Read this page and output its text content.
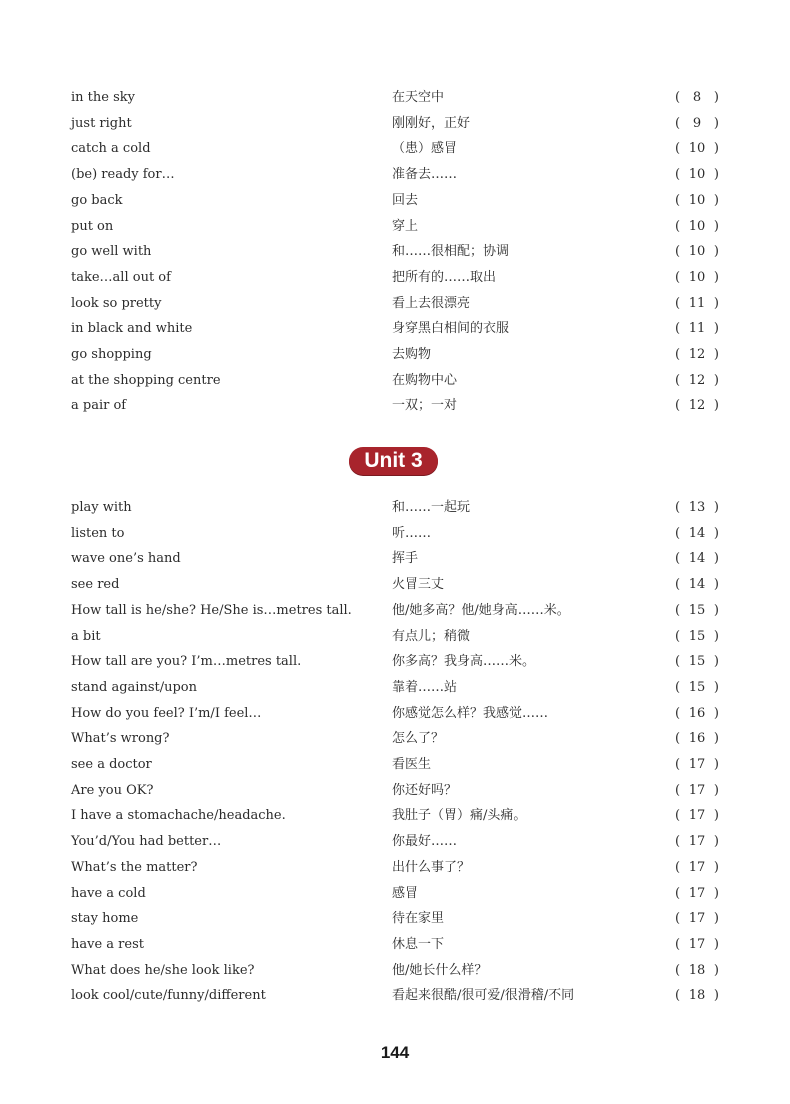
in the sky	在天空中	( 8 )
just right	刚刚好，正好	( 9 )
catch a cold	（患）感冒	( 10 )
(be) ready for…	准备去……	( 10 )
go back	回去	( 10 )
put on	穿上	( 10 )
go well with	和……很相配；协调	( 10 )
take…all out of	把所有的……取出	( 10 )
look so pretty	看上去很漂亮	( 11 )
in black and white	身穿黑白相间的衣服	( 11 )
go shopping	去购物	( 12 )
at the shopping centre	在购物中心	( 12 )
a pair of	一双；一对	( 12 )
Unit 3
play with	和……一起玩	( 13 )
listen to	听……	( 14 )
wave one’s hand	挥手	( 14 )
see red	火冒三丈	( 14 )
How tall is he/she? He/She is…metres tall.	他/她多高？他/她身高……米。	( 15 )
a bit	有点儿；稍微	( 15 )
How tall are you? I’m…metres tall.	你多高？我身高……米。	( 15 )
stand against/upon	靠着……站	( 15 )
How do you feel? I’m/I feel…	你感觉怎么样？我感觉……	( 16 )
What’s wrong?	怎么了？	( 16 )
see a doctor	看医生	( 17 )
Are you OK?	你还好吗？	( 17 )
I have a stomachache/headache.	我肚子（胃）痛/头痛。	( 17 )
You’d/You had better…	你最好……	( 17 )
What’s the matter?	出什么事了？	( 17 )
have a cold	感冒	( 17 )
stay home	待在家里	( 17 )
have a rest	休息一下	( 17 )
What does he/she look like?	他/她长什么样？	( 18 )
look cool/cute/funny/different	看起来很酷/很可爱/很滑稽/不同	( 18 )
144
